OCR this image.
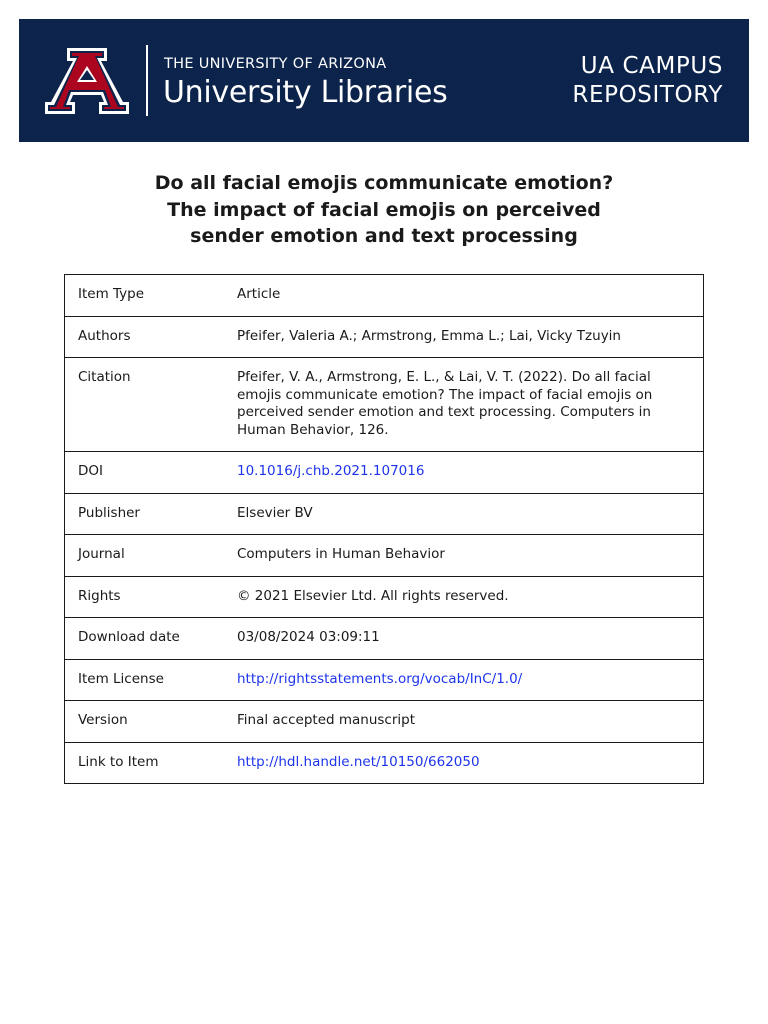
THE UNIVERSITY OF ARIZONA
University Libraries
UA CAMPUS
REPOSITORY
Do all facial emojis communicate emotion?
The impact of facial emojis on perceived
sender emotion and text processing
Item Type	Article
Authors	Pfeifer, Valeria A.; Armstrong, Emma L.; Lai, Vicky Tzuyin
Citation	Pfeifer, V. A., Armstrong, E. L., & Lai, V. T. (2022). Do all facial emojis communicate emotion? The impact of facial emojis on perceived sender emotion and text processing. Computers in Human Behavior, 126.
DOI	10.1016/j.chb.2021.107016
Publisher	Elsevier BV
Journal	Computers in Human Behavior
Rights	© 2021 Elsevier Ltd. All rights reserved.
Download date	03/08/2024 03:09:11
Item License	http://rightsstatements.org/vocab/InC/1.0/
Version	Final accepted manuscript
Link to Item	http://hdl.handle.net/10150/662050
